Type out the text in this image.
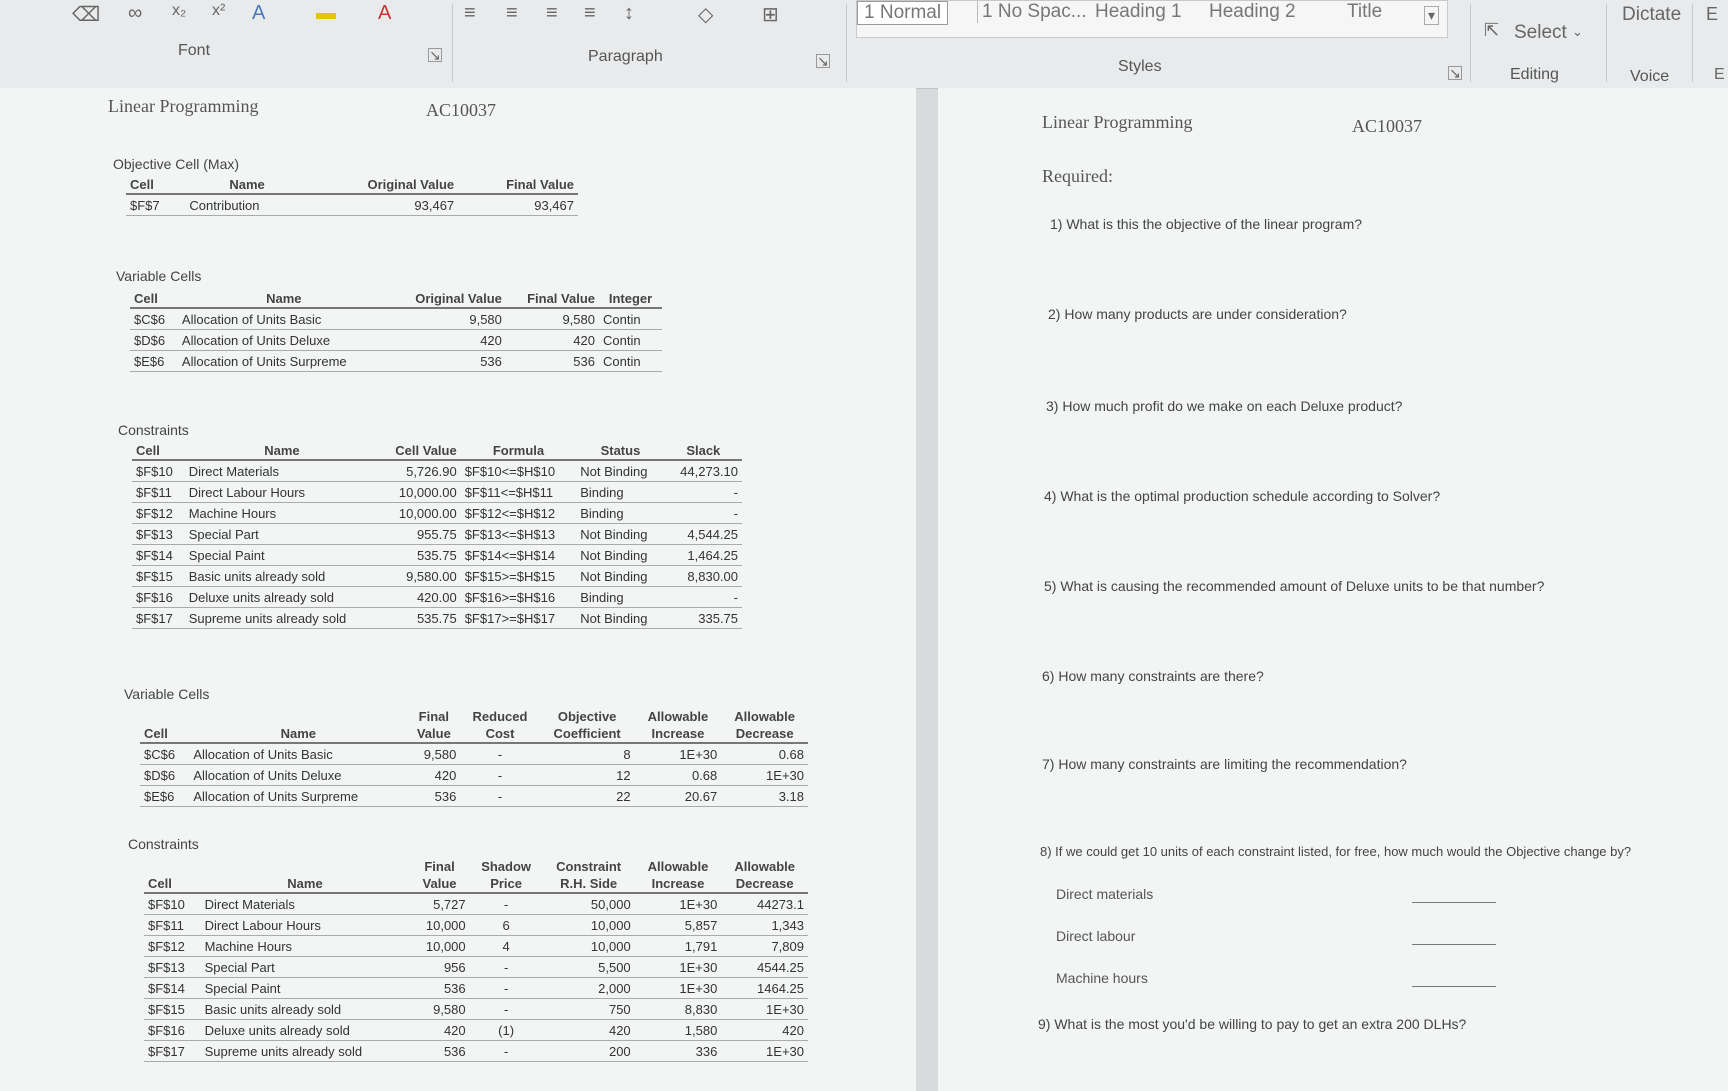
⌫ ∞ x₂ x² A	▬ A
Font	↘
≡ ≡ ≡ ≡ ↕	◇ ⊞
Paragraph	↘
1 Normal	1 No Spac... Heading 1 Heading 2	Title	▾
Styles	↘
⇱ Select ⌄
Editing
Dictate
Voice
E
E
Linear Programming	AC10037
Objective Cell (Max)
Cell	Name	Original Value	Final Value
$F$7	Contribution	93,467	93,467
Variable Cells
Cell	Name	Original Value	Final Value	Integer
$C$6	Allocation of Units Basic	9,580	9,580	Contin
$D$6	Allocation of Units Deluxe	420	420	Contin
$E$6	Allocation of Units Surpreme	536	536	Contin
Constraints
Cell	Name	Cell Value	Formula	Status	Slack
$F$10	Direct Materials	5,726.90	$F$10<=$H$10	Not Binding	44,273.10
$F$11	Direct Labour Hours	10,000.00	$F$11<=$H$11	Binding	-
$F$12	Machine Hours	10,000.00	$F$12<=$H$12	Binding	-
$F$13	Special Part	955.75	$F$13<=$H$13	Not Binding	4,544.25
$F$14	Special Paint	535.75	$F$14<=$H$14	Not Binding	1,464.25
$F$15	Basic units already sold	9,580.00	$F$15>=$H$15	Not Binding	8,830.00
$F$16	Deluxe units already sold	420.00	$F$16>=$H$16	Binding	-
$F$17	Supreme units already sold	535.75	$F$17>=$H$17	Not Binding	335.75
Variable Cells
		Final	Reduced	Objective	Allowable	Allowable
Cell	Name	Value	Cost	Coefficient	Increase	Decrease
$C$6	Allocation of Units Basic	9,580	-	8	1E+30	0.68
$D$6	Allocation of Units Deluxe	420	-	12	0.68	1E+30
$E$6	Allocation of Units Surpreme	536	-	22	20.67	3.18
Constraints
		Final	Shadow	Constraint	Allowable	Allowable
Cell	Name	Value	Price	R.H. Side	Increase	Decrease
$F$10	Direct Materials	5,727	-	50,000	1E+30	44273.1
$F$11	Direct Labour Hours	10,000	6	10,000	5,857	1,343
$F$12	Machine Hours	10,000	4	10,000	1,791	7,809
$F$13	Special Part	956	-	5,500	1E+30	4544.25
$F$14	Special Paint	536	-	2,000	1E+30	1464.25
$F$15	Basic units already sold	9,580	-	750	8,830	1E+30
$F$16	Deluxe units already sold	420	(1)	420	1,580	420
$F$17	Supreme units already sold	536	-	200	336	1E+30
Linear Programming	AC10037
Required:
1) What is this the objective of the linear program?
2) How many products are under consideration?
3) How much profit do we make on each Deluxe product?
4) What is the optimal production schedule according to Solver?
5) What is causing the recommended amount of Deluxe units to be that number?
6) How many constraints are there?
7) How many constraints are limiting the recommendation?
8) If we could get 10 units of each constraint listed, for free, how much would the Objective change by?
Direct materials
Direct labour
Machine hours
9) What is the most you'd be willing to pay to get an extra 200 DLHs?
